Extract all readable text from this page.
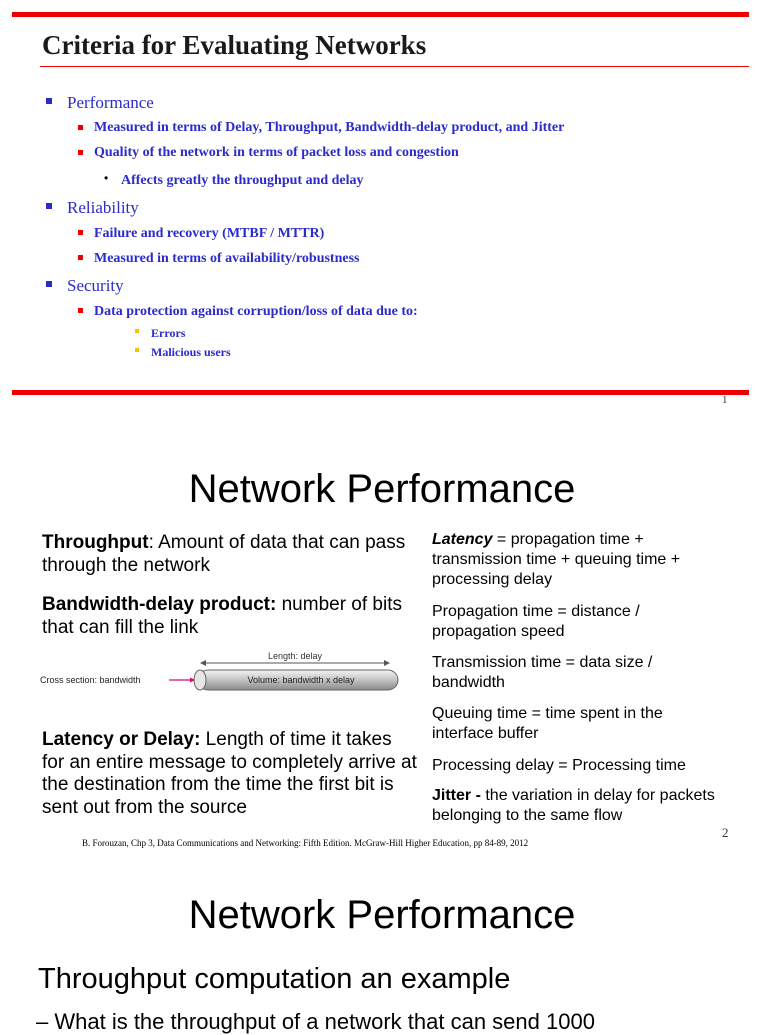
Criteria for Evaluating Networks
Performance
Measured in terms of Delay, Throughput, Bandwidth-delay product, and Jitter
Quality of the network in terms of packet loss and congestion
• Affects greatly the throughput and delay
Reliability
Failure and recovery (MTBF / MTTR)
Measured in terms of availability/robustness
Security
Data protection against corruption/loss of data due to:
Errors
Malicious users
1
Network Performance
Throughput: Amount of data that can pass through the network
Bandwidth-delay product: number of bits that can fill the link
Length: delay
Volume: bandwidth x delay
Cross section: bandwidth
Latency or Delay: Length of time it takes for an entire message to completely arrive at the destination from the time the first bit is sent out from the source
Latency = propagation time + transmission time + queuing time + processing delay
Propagation time = distance / propagation speed
Transmission time = data size / bandwidth
Queuing time = time spent in the interface buffer
Processing delay = Processing time
Jitter - the variation in delay for packets belonging to the same flow
2
B. Forouzan, Chp 3, Data Communications and Networking: Fifth Edition. McGraw-Hill Higher Education, pp 84-89, 2012
Network Performance
Throughput computation an example
– What is the throughput of a network that can send 1000
